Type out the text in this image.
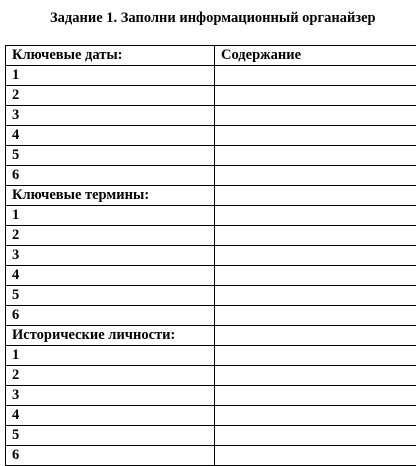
Задание 1. Заполни информационный органайзер
Ключевые даты:	Содержание
1	
2	
3	
4	
5	
6	
Ключевые термины:	
1	
2	
3	
4	
5	
6	
Исторические личности:	
1	
2	
3	
4	
5	
6	
